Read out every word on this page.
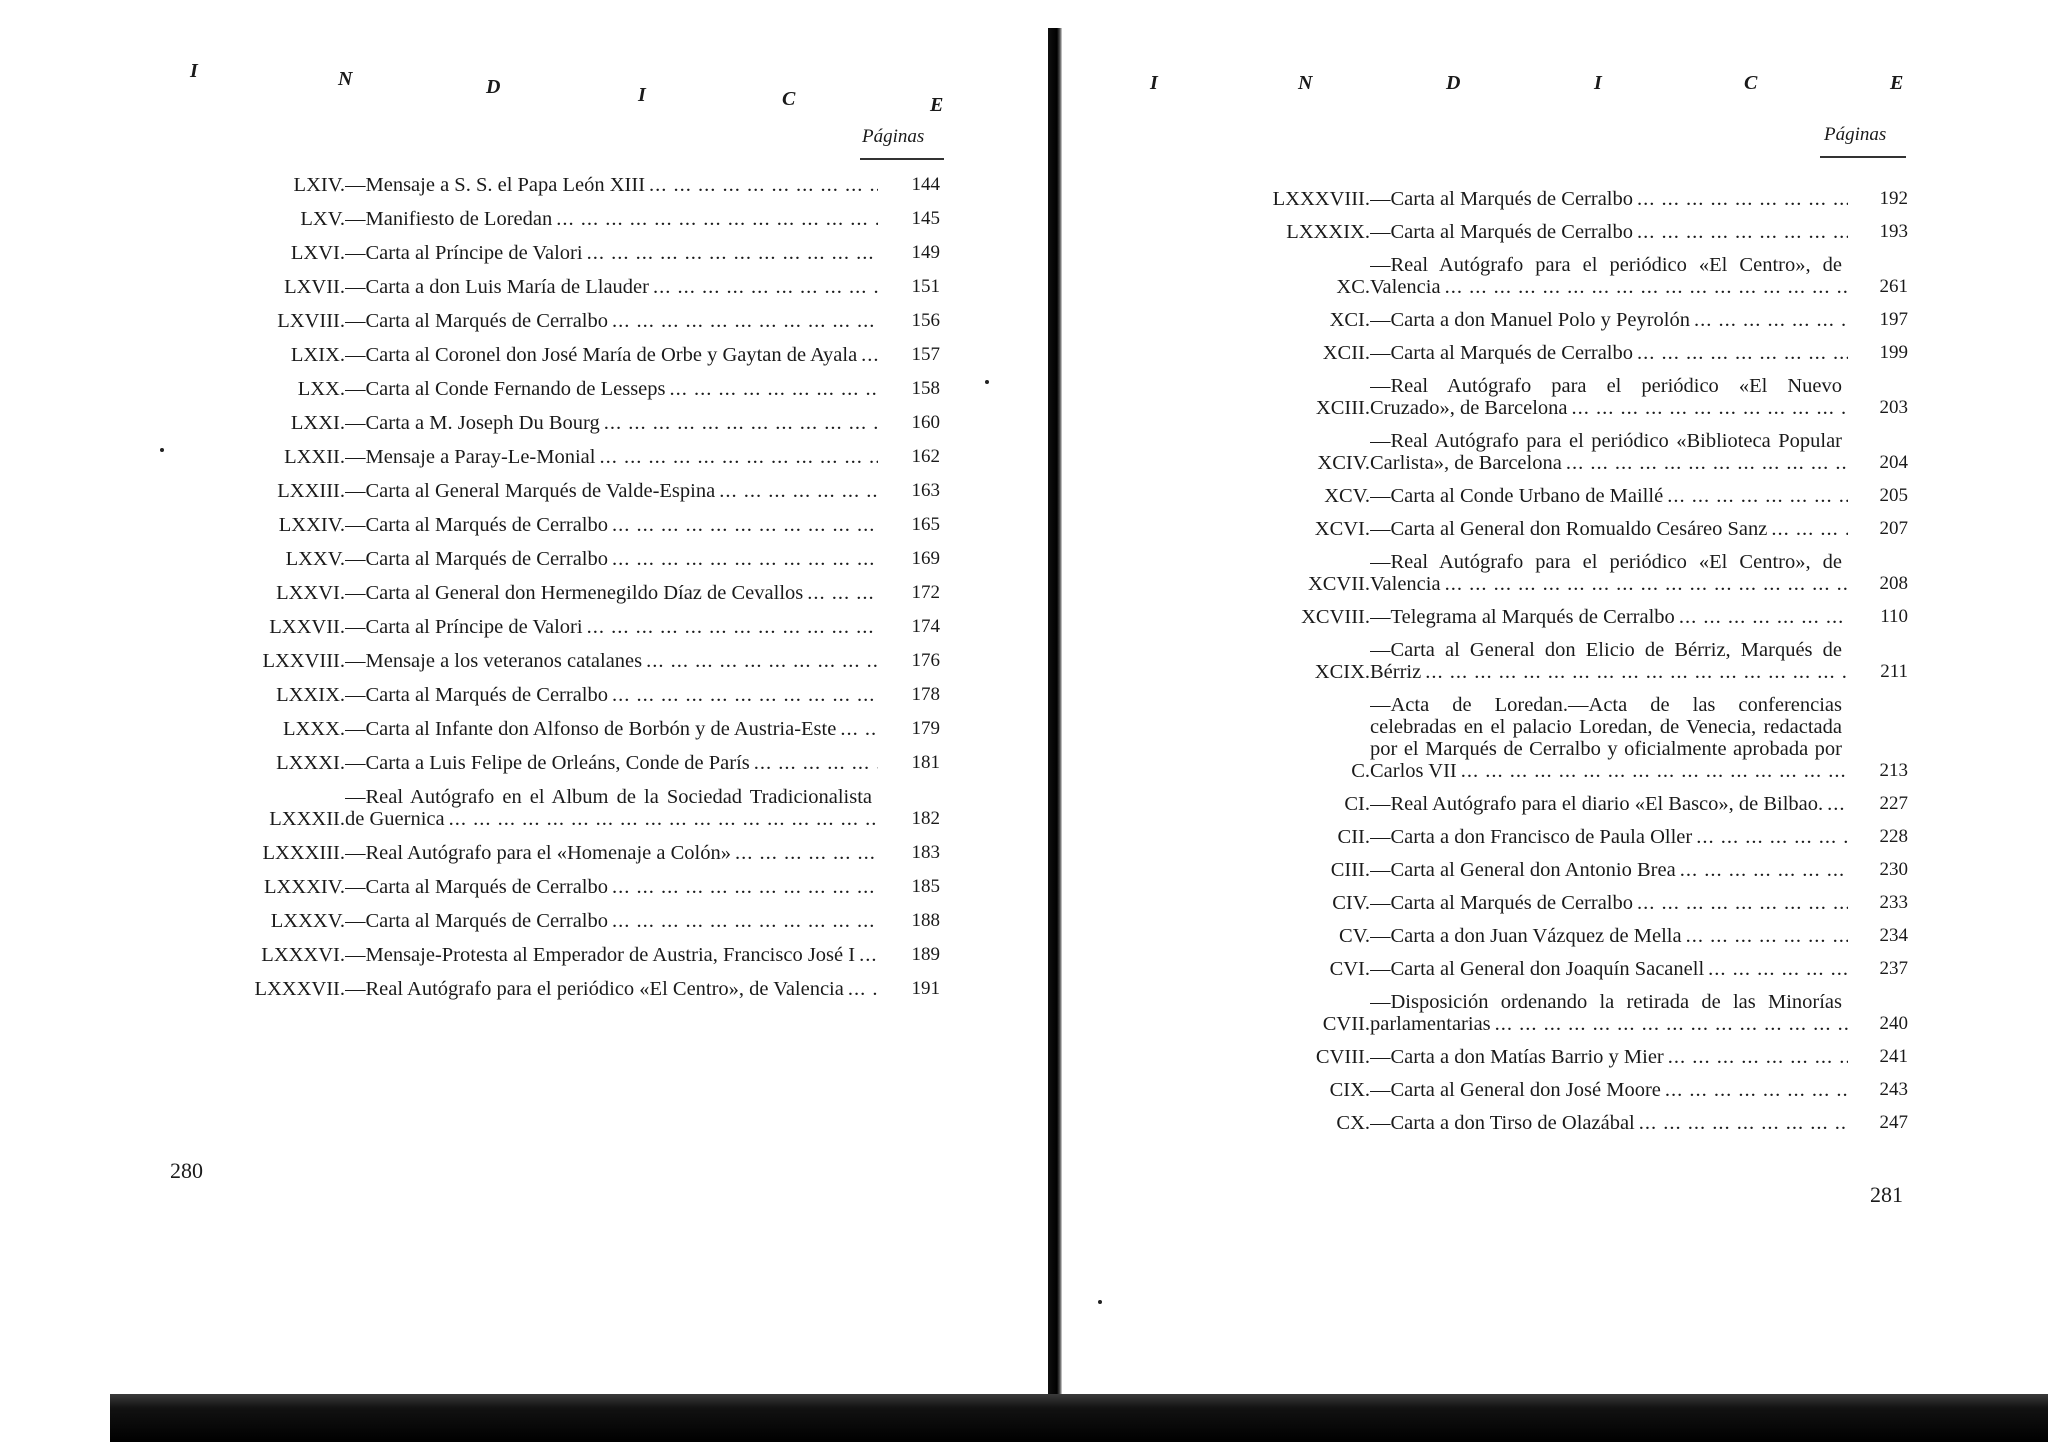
I	N	D	I	C	E
Páginas
LXIV. —Mensaje a S. S. el Papa León XIII ... .	144
LXV. —Manifiesto de Loredan ... .	145
LXVI. —Carta al Príncipe de Valori ... .	149
LXVII. —Carta a don Luis María de Llauder ... .	151
LXVIII. —Carta al Marqués de Cerralbo ... .	156
LXIX. —Carta al Coronel don José María de Orbe y Gaytan de Ayala ... .	157
LXX. —Carta al Conde Fernando de Lesseps ... .	158
LXXI. —Carta a M. Joseph Du Bourg ... .	160
LXXII. —Mensaje a Paray-Le-Monial ... .	162
LXXIII. —Carta al General Marqués de Valde-Espina ... .	163
LXXIV. —Carta al Marqués de Cerralbo ... .	165
LXXV. —Carta al Marqués de Cerralbo ... .	169
LXXVI. —Carta al General don Hermenegildo Díaz de Cevallos ... .	172
LXXVII. —Carta al Príncipe de Valori ... .	174
LXXVIII. —Mensaje a los veteranos catalanes ... .	176
LXXIX. —Carta al Marqués de Cerralbo ... .	178
LXXX. —Carta al Infante don Alfonso de Borbón y de Austria-Este ... .	179
LXXXI. —Carta a Luis Felipe de Orleáns, Conde de París ... .	181
LXXXII.
—Real Autógrafo en el Album de la Sociedad Tradicionalista de Guernica ... .	182
LXXXIII. —Real Autógrafo para el «Homenaje a Colón» ... .	183
LXXXIV. —Carta al Marqués de Cerralbo ... .	185
LXXXV. —Carta al Marqués de Cerralbo ... .	188
LXXXVI. —Mensaje-Protesta al Emperador de Austria, Francisco José I ... .	189
LXXXVII. —Real Autógrafo para el periódico «El Centro», de Valencia ... .	191
280
I	N	D	I	C	E
Páginas
LXXXVIII. —Carta al Marqués de Cerralbo ... .	192
LXXXIX. —Carta al Marqués de Cerralbo ... .	193
XC.
—Real Autógrafo para el periódico «El Centro», de Valencia ... .	261
XCI. —Carta a don Manuel Polo y Peyrolón ... .	197
XCII. —Carta al Marqués de Cerralbo ... .	199
XCIII.
—Real Autógrafo para el periódico «El Nuevo Cruzado», de Barcelona ... .	203
XCIV.
—Real Autógrafo para el periódico «Biblioteca Popular Carlista», de Barcelona ... .	204
XCV. —Carta al Conde Urbano de Maillé ... .	205
XCVI. —Carta al General don Romualdo Cesáreo Sanz ... .	207
XCVII.
—Real Autógrafo para el periódico «El Centro», de Valencia ... .	208
XCVIII. —Telegrama al Marqués de Cerralbo ... .	110
XCIX.
—Carta al General don Elicio de Bérriz, Marqués de Bérriz ... .	211
C.
—Acta de Loredan.—Acta de las conferencias celebradas en el palacio Loredan, de Venecia, redactada por el Marqués de Cerralbo y oficialmente aprobada por Carlos VII ... .	213
CI. —Real Autógrafo para el diario «El Basco», de Bilbao. ... .	227
CII. —Carta a don Francisco de Paula Oller ... .	228
CIII. —Carta al General don Antonio Brea ... .	230
CIV. —Carta al Marqués de Cerralbo ... .	233
CV. —Carta a don Juan Vázquez de Mella ... .	234
CVI. —Carta al General don Joaquín Sacanell ... .	237
CVII.
—Disposición ordenando la retirada de las Minorías parlamentarias ... .	240
CVIII. —Carta a don Matías Barrio y Mier ... .	241
CIX. —Carta al General don José Moore ... .	243
CX. —Carta a don Tirso de Olazábal ... .	247
281
